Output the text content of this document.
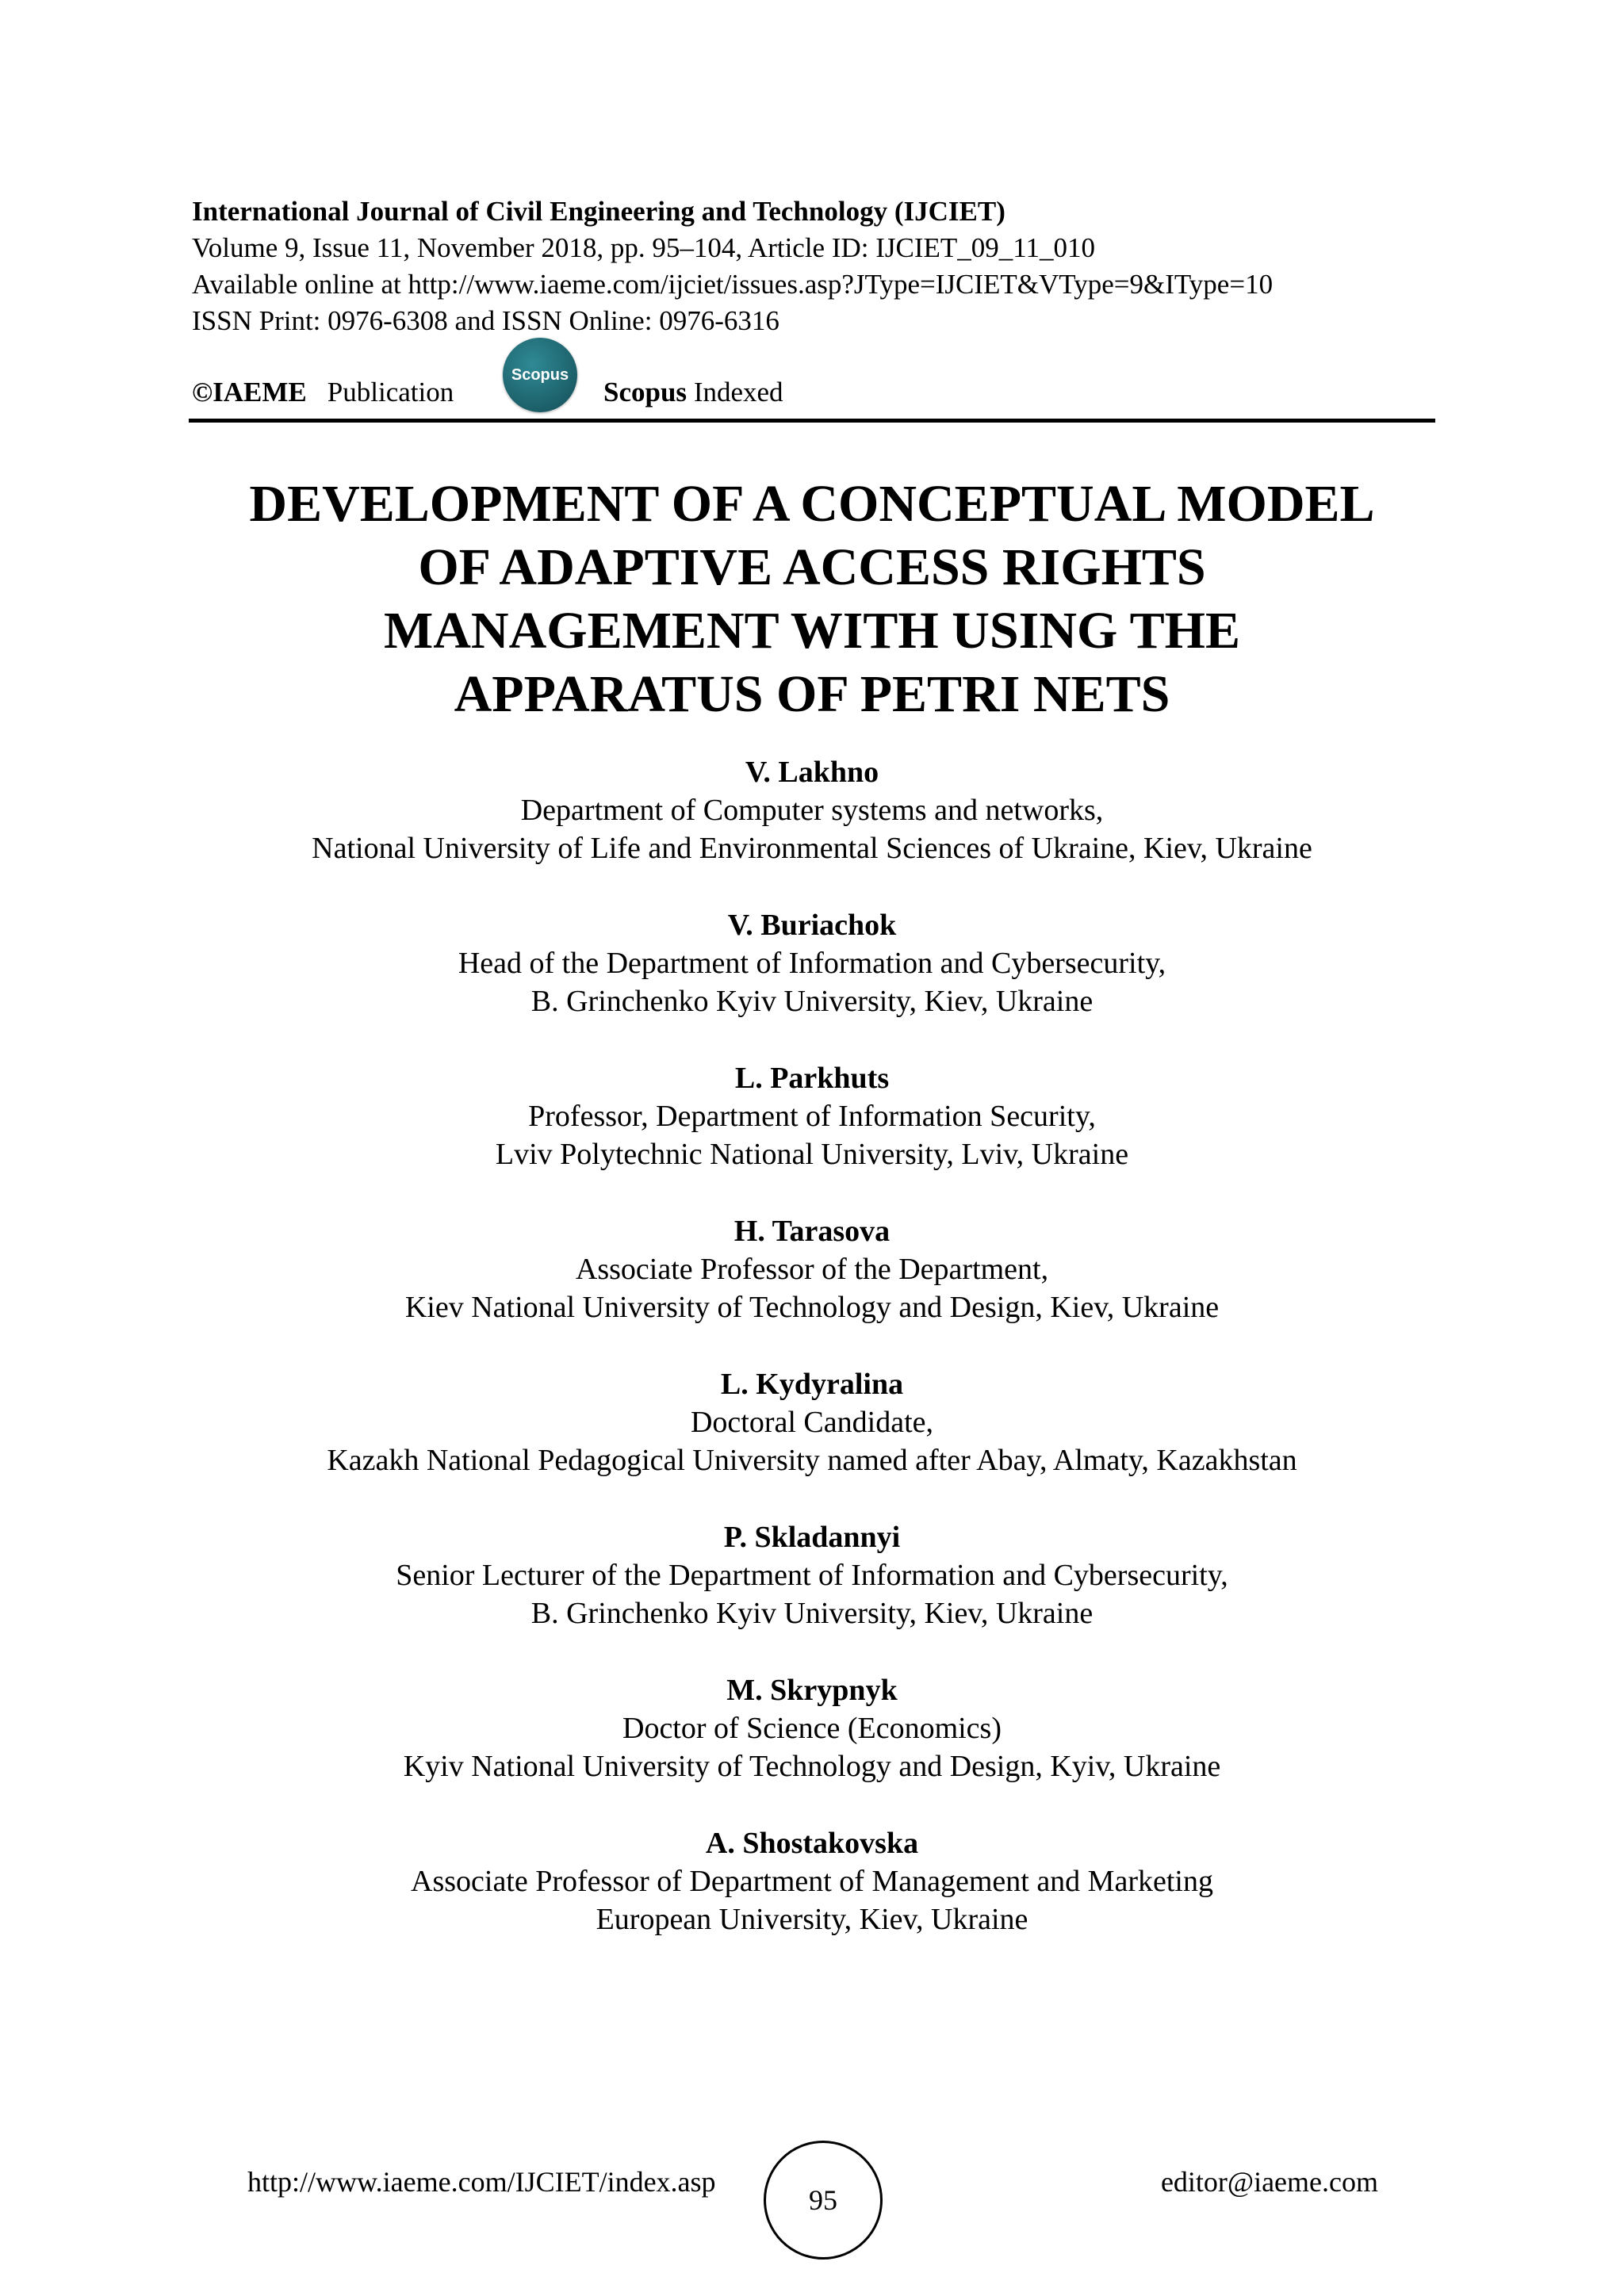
International Journal of Civil Engineering and Technology (IJCIET)

Volume 9, Issue 11, November 2018, pp. 95–104, Article ID: IJCIET_09_11_010

Available online at http://www.iaeme.com/ijciet/issues.asp?JType=IJCIET&VType=9&IType=10

ISSN Print: 0976-6308 and ISSN Online: 0976-6316

©IAEME Publication
Scopus
Scopus Indexed
DEVELOPMENT OF A CONCEPTUAL MODEL
OF ADAPTIVE ACCESS RIGHTS
MANAGEMENT WITH USING THE
APPARATUS OF PETRI NETS
V. Lakhno
Department of Computer systems and networks,
National University of Life and Environmental Sciences of Ukraine, Kiev, Ukraine
V. Buriachok
Head of the Department of Information and Cybersecurity,
B. Grinchenko Kyiv University, Kiev, Ukraine
L. Parkhuts
Professor, Department of Information Security,
Lviv Polytechnic National University, Lviv, Ukraine
H. Tarasova
Associate Professor of the Department,
Kiev National University of Technology and Design, Kiev, Ukraine
L. Kydyralina
Doctoral Candidate,
Kazakh National Pedagogical University named after Abay, Almaty, Kazakhstan
P. Skladannyi
Senior Lecturer of the Department of Information and Cybersecurity,
B. Grinchenko Kyiv University, Kiev, Ukraine
M. Skrypnyk
Doctor of Science (Economics)
Kyiv National University of Technology and Design, Kyiv, Ukraine
A. Shostakovska
Associate Professor of Department of Management and Marketing
European University, Kiev, Ukraine
http://www.iaeme.com/IJCIET/index.asp
95
editor@iaeme.com
